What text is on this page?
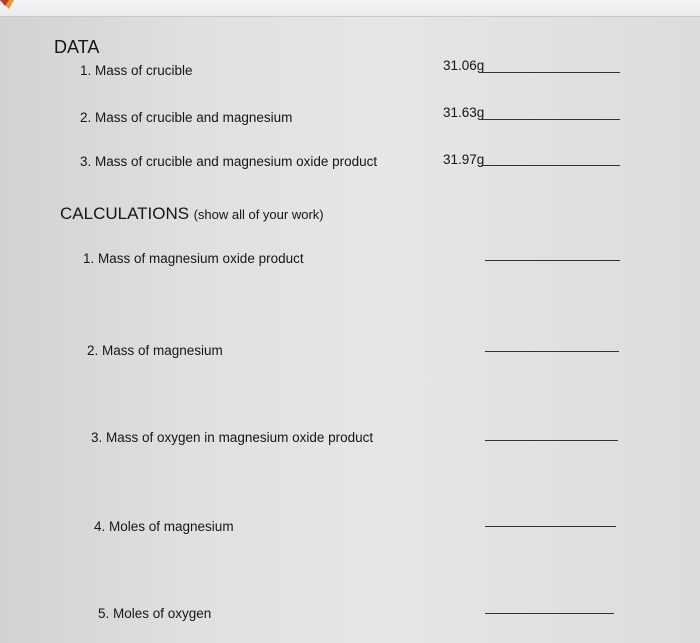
DATA
1. Mass of crucible	31.06g
2. Mass of crucible and magnesium	31.63g
3. Mass of crucible and magnesium oxide product	31.97g
CALCULATIONS (show all of your work)
1. Mass of magnesium oxide product
2. Mass of magnesium
3. Mass of oxygen in magnesium oxide product
4. Moles of magnesium
5. Moles of oxygen
